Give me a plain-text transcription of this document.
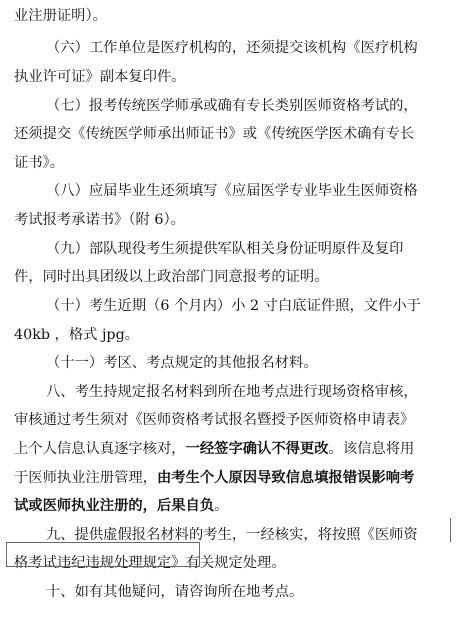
业注册证明）。
（六）工作单位是医疗机构的，还须提交该机构《医疗机构
执业许可证》副本复印件。
（七）报考传统医学师承或确有专长类别医师资格考试的，
还须提交《传统医学师承出师证书》或《传统医学医术确有专长
证书》。
（八）应届毕业生还须填写《应届医学专业毕业生医师资格
考试报考承诺书》（附 6）。
（九）部队现役考生须提供军队相关身份证明原件及复印
件，同时出具团级以上政治部门同意报考的证明。
（十）考生近期（6 个月内）小 2 寸白底证件照，文件小于
40kb ，格式 jpg。
（十一）考区、考点规定的其他报名材料。
八、考生持规定报名材料到所在地考点进行现场资格审核，
审核通过考生须对《医师资格考试报名暨授予医师资格申请表》
上个人信息认真逐字核对，一经签字确认不得更改。该信息将用
于医师执业注册管理，由考生个人原因导致信息填报错误影响考
试或医师执业注册的，后果自负。
九、提供虚假报名材料的考生，一经核实，将按照《医师资
格考试违纪违规处理规定》有关规定处理。
十、如有其他疑问，请咨询所在地考点。
